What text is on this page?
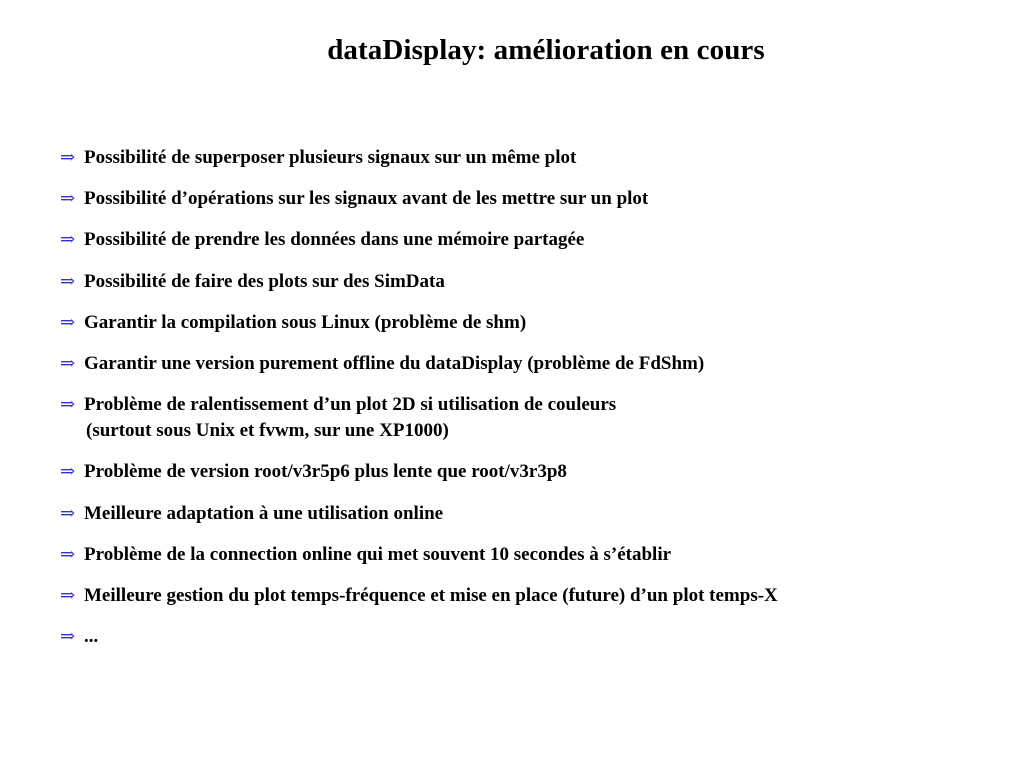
dataDisplay: amélioration en cours
⇒ Possibilité de superposer plusieurs signaux sur un même plot
⇒ Possibilité d’opérations sur les signaux avant de les mettre sur un plot
⇒ Possibilité de prendre les données dans une mémoire partagée
⇒ Possibilité de faire des plots sur des SimData
⇒ Garantir la compilation sous Linux (problème de shm)
⇒ Garantir une version purement offline du dataDisplay (problème de FdShm)
⇒ Problème de ralentissement d’un plot 2D si utilisation de couleurs
(surtout sous Unix et fvwm, sur une XP1000)
⇒ Problème de version root/v3r5p6 plus lente que root/v3r3p8
⇒ Meilleure adaptation à une utilisation online
⇒ Problème de la connection online qui met souvent 10 secondes à s’établir
⇒ Meilleure gestion du plot temps-fréquence et mise en place (future) d’un plot temps-X
⇒ ...
